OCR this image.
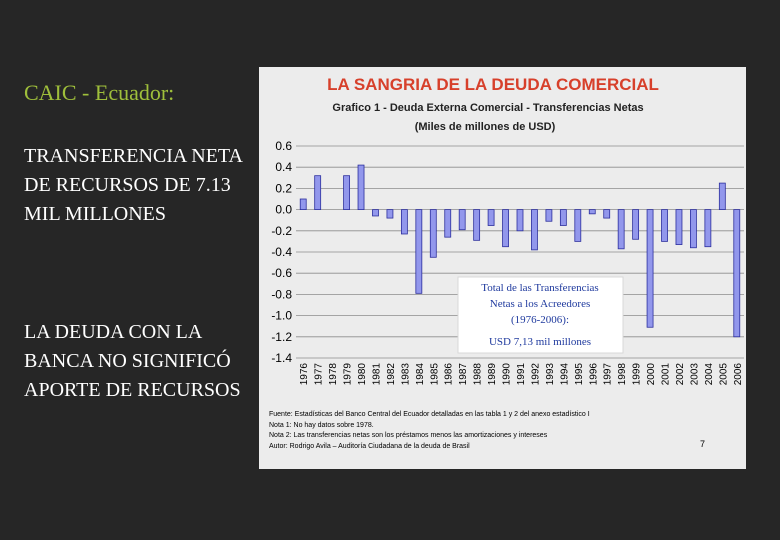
CAIC - Ecuador:

TRANSFERENCIA NETA DE RECURSOS DE 7.13 MIL MILLONES

LA DEUDA CON LA BANCA NO SIGNIFICÓ APORTE DE RECURSOS

LA SANGRIA DE LA DEUDA COMERCIAL
Grafico 1 - Deuda Externa Comercial - Transferencias Netas
(Miles de millones de USD)
0.6
0.4
0.2
0.0
-0.2
-0.4
-0.6
-0.8
-1.0
-1.2
-1.4
1976 1977 1978 1979 1980 1981 1982 1983 1984 1985 1986 1987 1988 1989 1990 1991 1992 1993 1994 1995 1996 1997 1998 1999 2000 2001 2002 2003 2004 2005 2006
Total de las Transferencias
Netas a los Acreedores
(1976-2006):
USD 7,13 mil millones
Fuente: Estadísticas del Banco Central del Ecuador detalladas en las tabla 1 y 2 del anexo estadístico I
Nota 1: No hay datos sobre 1978.
Nota 2: Las transferencias netas son los préstamos menos las amortizaciones y intereses
Autor: Rodrigo Avila – Auditoría Ciudadana de la deuda de Brasil	7
